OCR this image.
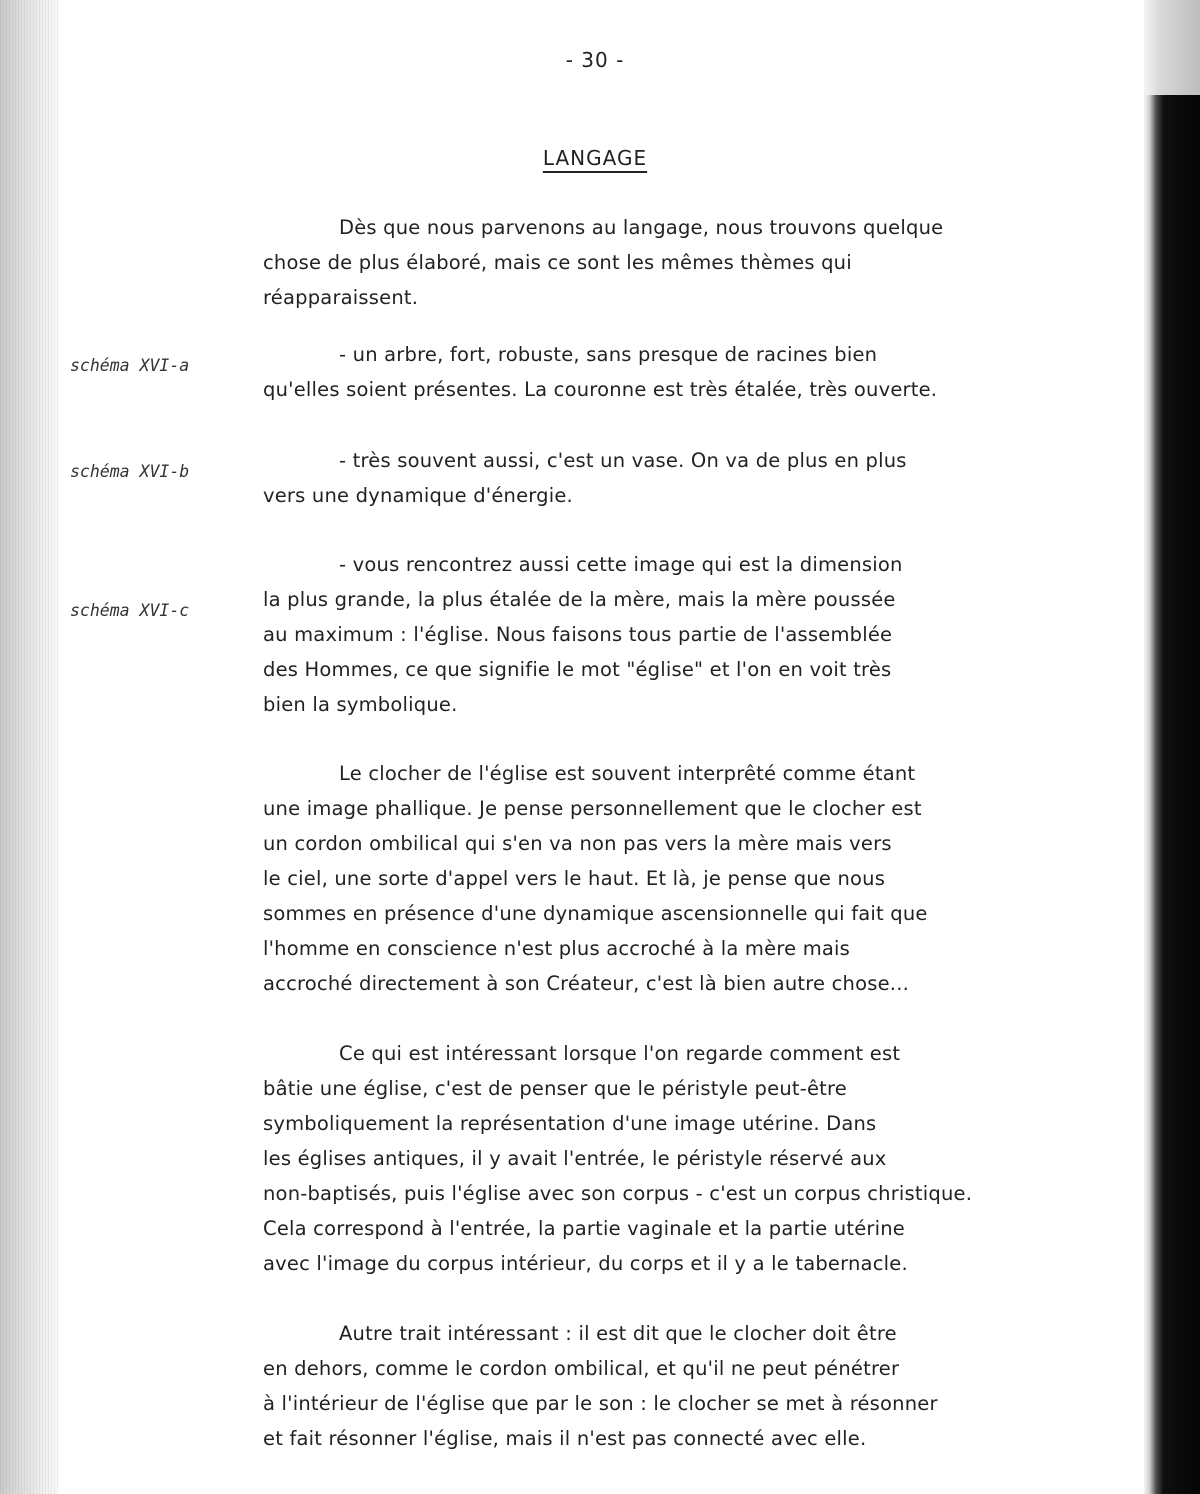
- 30 -
LANGAGE
schéma XVI-a
schéma XVI-b
schéma XVI-c
Dès que nous parvenons au langage, nous trouvons quelque
chose de plus élaboré, mais ce sont les mêmes thèmes qui
réapparaissent.
- un arbre, fort, robuste, sans presque de racines bien
qu'elles soient présentes. La couronne est très étalée, très ouverte.
- très souvent aussi, c'est un vase. On va de plus en plus
vers une dynamique d'énergie.
- vous rencontrez aussi cette image qui est la dimension
la plus grande, la plus étalée de la mère, mais la mère poussée
au maximum : l'église. Nous faisons tous partie de l'assemblée
des Hommes, ce que signifie le mot "église" et l'on en voit très
bien la symbolique.
Le clocher de l'église est souvent interprêté comme étant
une image phallique. Je pense personnellement que le clocher est
un cordon ombilical qui s'en va non pas vers la mère mais vers
le ciel, une sorte d'appel vers le haut. Et là, je pense que nous
sommes en présence d'une dynamique ascensionnelle qui fait que
l'homme en conscience n'est plus accroché à la mère mais
accroché directement à son Créateur, c'est là bien autre chose...
Ce qui est intéressant lorsque l'on regarde comment est
bâtie une église, c'est de penser que le péristyle peut-être
symboliquement la représentation d'une image utérine. Dans
les églises antiques, il y avait l'entrée, le péristyle réservé aux
non-baptisés, puis l'église avec son corpus - c'est un corpus christique.
Cela correspond à l'entrée, la partie vaginale et la partie utérine
avec l'image du corpus intérieur, du corps et il y a le tabernacle.
Autre trait intéressant : il est dit que le clocher doit être
en dehors, comme le cordon ombilical, et qu'il ne peut pénétrer
à l'intérieur de l'église que par le son : le clocher se met à résonner
et fait résonner l'église, mais il n'est pas connecté avec elle.
